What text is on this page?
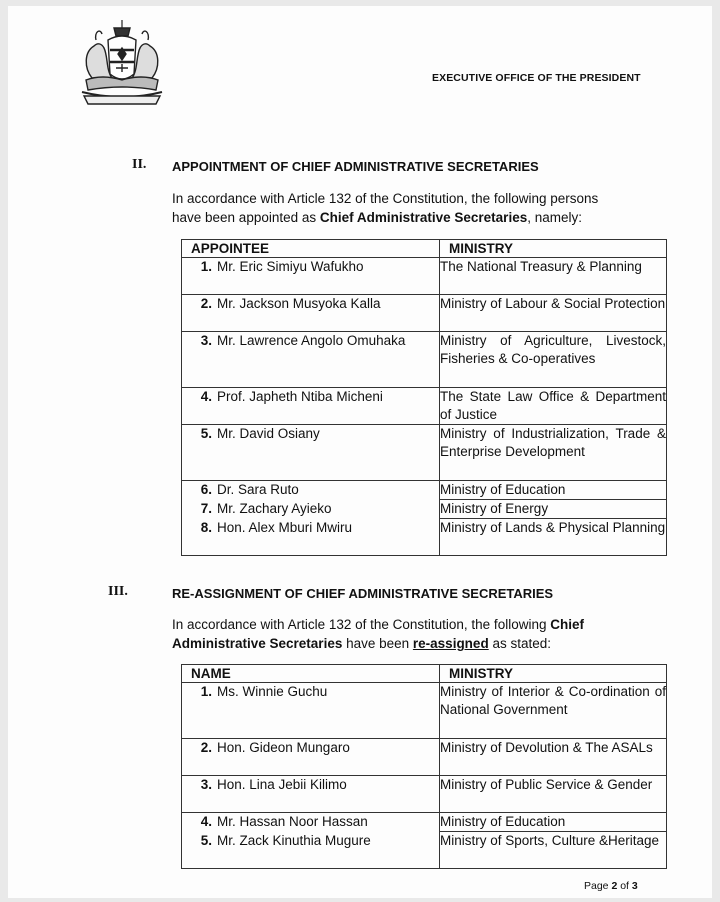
EXECUTIVE OFFICE OF THE PRESIDENT
II. APPOINTMENT OF CHIEF ADMINISTRATIVE SECRETARIES
In accordance with Article 132 of the Constitution, the following persons
have been appointed as Chief Administrative Secretaries, namely:
APPOINTEE	MINISTRY
1. Mr. Eric Simiyu Wafukho	The National Treasury & Planning
2. Mr. Jackson Musyoka Kalla	Ministry of Labour & Social Protection
3. Mr. Lawrence Angolo Omuhaka	Ministry of Agriculture, Livestock, Fisheries & Co-operatives
4. Prof. Japheth Ntiba Micheni	The State Law Office & Department of Justice
5. Mr. David Osiany	Ministry of Industrialization, Trade & Enterprise Development
6. Dr. Sara Ruto	Ministry of Education
7. Mr. Zachary Ayieko	Ministry of Energy
8. Hon. Alex Mburi Mwiru	Ministry of Lands & Physical Planning
III.	RE-ASSIGNMENT OF CHIEF ADMINISTRATIVE SECRETARIES
In accordance with Article 132 of the Constitution, the following Chief
Administrative Secretaries have been re-assigned as stated:
NAME	MINISTRY
1. Ms. Winnie Guchu	Ministry of Interior & Co-ordination of National Government
2. Hon. Gideon Mungaro	Ministry of Devolution & The ASALs
3. Hon. Lina Jebii Kilimo	Ministry of Public Service & Gender
4. Mr. Hassan Noor Hassan	Ministry of Education
5. Mr. Zack Kinuthia Mugure	Ministry of Sports, Culture &Heritage
Page 2 of 3
